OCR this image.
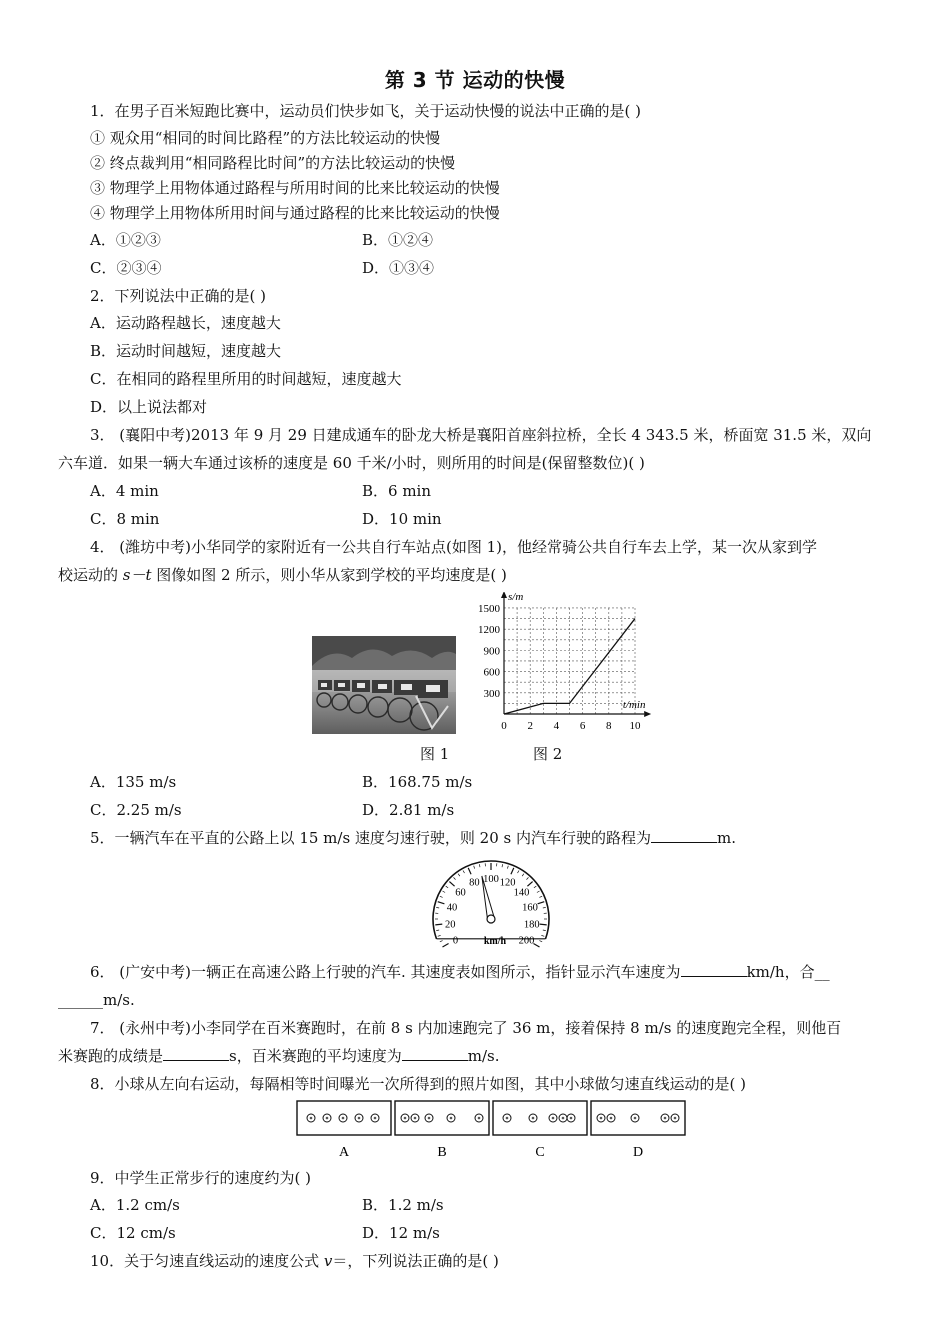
第 3 节 运动的快慢
1．在男子百米短跑比赛中，运动员们快步如飞，关于运动快慢的说法中正确的是( )
① 观众用“相同的时间比路程”的方法比较运动的快慢
② 终点裁判用“相同路程比时间”的方法比较运动的快慢
③ 物理学上用物体通过路程与所用时间的比来比较运动的快慢
④ 物理学上用物体所用时间与通过路程的比来比较运动的快慢
A．①②③	B．①②④
C．②③④	D．①③④
2．下列说法中正确的是( )
A．运动路程越长，速度越大
B．运动时间越短，速度越大
C．在相同的路程里所用的时间越短，速度越大
D．以上说法都对
3． (襄阳中考)2013 年 9 月 29 日建成通车的卧龙大桥是襄阳首座斜拉桥，全长 4 343.5 米，桥面宽 31.5 米，双向
六车道．如果一辆大车通过该桥的速度是 60 千米/小时，则所用的时间是(保留整数位)( )
A．4 min	B．6 min
C．8 min	D．10 min
4． (潍坊中考)小华同学的家附近有一公共自行车站点(如图 1)，他经常骑公共自行车去上学，某一次从家到学
校运动的 s－t 图像如图 2 所示，则小华从家到学校的平均速度是( )
300
600
900
1200
1500
0 2 4 6 8 10
s/m
t/min
图 1	图 2
A．135 m/s	B．168.75 m/s
C．2.25 m/s	D．2.81 m/s
5．一辆汽车在平直的公路上以 15 m/s 速度匀速行驶，则 20 s 内汽车行驶的路程为	m.
0
20
40
60
80 100 120
140
160
180
200
km/h
6． (广安中考)一辆正在高速公路上行驶的汽车. 其速度表如图所示，指针显示汽车速度为	km/h，合__
______m/s.
7． (永州中考)小李同学在百米赛跑时，在前 8 s 内加速跑完了 36 m，接着保持 8 m/s 的速度跑完全程，则他百
米赛跑的成绩是	s，百米赛跑的平均速度为	m/s.
8．小球从左向右运动，每隔相等时间曝光一次所得到的照片如图，其中小球做匀速直线运动的是( )
A	B	C	D
9．中学生正常步行的速度约为( )
A．1.2 cm/s	B．1.2 m/s
C．12 cm/s	D．12 m/s
10．关于匀速直线运动的速度公式 v＝，下列说法正确的是( )
